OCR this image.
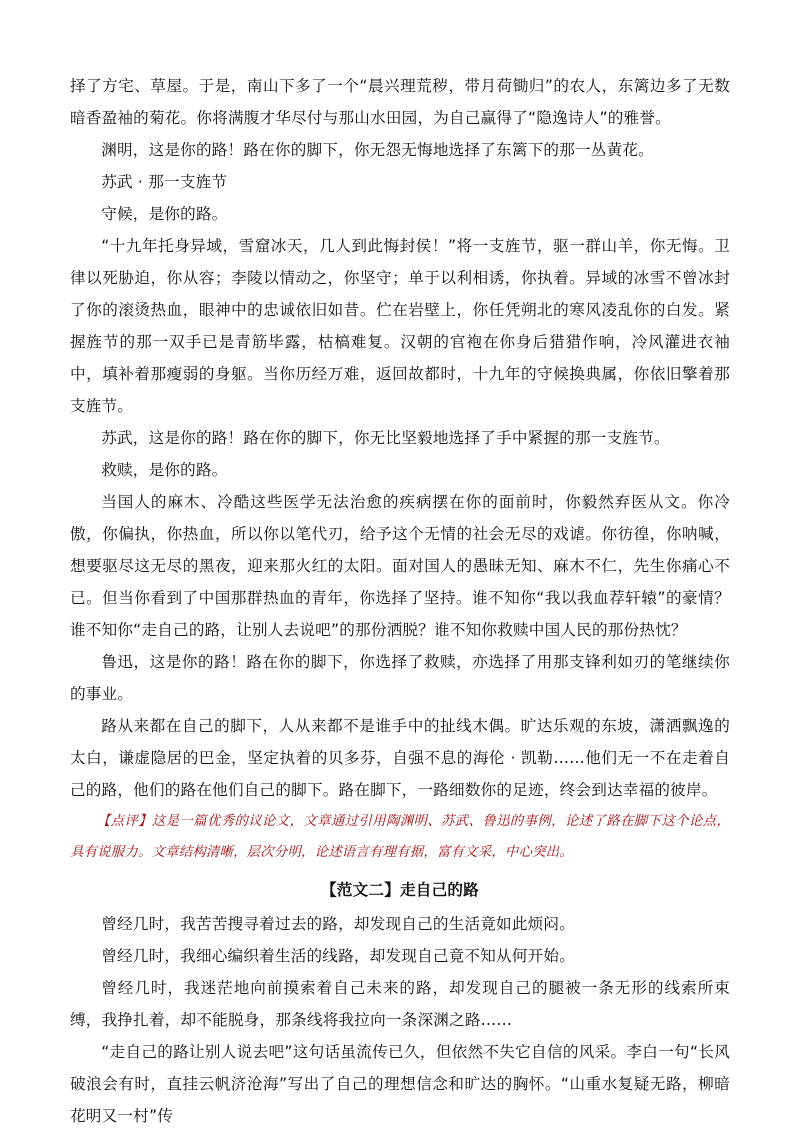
择了方宅、草屋。于是，南山下多了一个“晨兴理荒秽，带月荷锄归”的农人，东篱边多了无数暗香盈袖的菊花。你将满腹才华尽付与那山水田园，为自己赢得了“隐逸诗人”的雅誉。

渊明，这是你的路！路在你的脚下，你无怨无悔地选择了东篱下的那一丛黄花。

苏武 · 那一支旌节

守候，是你的路。

“十九年托身异域，雪窟冰天，几人到此悔封侯！”将一支旌节，驱一群山羊，你无悔。卫律以死胁迫，你从容；李陵以情动之，你坚守；单于以利相诱，你执着。异域的冰雪不曾冰封了你的滚烫热血，眼神中的忠诚依旧如昔。伫在岩壁上，你任凭朔北的寒风凌乱你的白发。紧握旌节的那一双手已是青筋毕露，枯槁难复。汉朝的官袍在你身后猎猎作响，冷风灌进衣袖中，填补着那瘦弱的身躯。当你历经万难，返回故都时，十九年的守候换典属，你依旧擎着那支旌节。

苏武，这是你的路！路在你的脚下，你无比坚毅地选择了手中紧握的那一支旌节。

救赎，是你的路。

当国人的麻木、冷酷这些医学无法治愈的疾病摆在你的面前时，你毅然弃医从文。你冷傲，你偏执，你热血，所以你以笔代刃，给予这个无情的社会无尽的戏谑。你彷徨，你呐喊，想要驱尽这无尽的黑夜，迎来那火红的太阳。面对国人的愚昧无知、麻木不仁，先生你痛心不已。但当你看到了中国那群热血的青年，你选择了坚持。谁不知你“我以我血荐轩辕”的豪情？谁不知你“走自己的路，让别人去说吧”的那份洒脱？谁不知你救赎中国人民的那份热忱？

鲁迅，这是你的路！路在你的脚下，你选择了救赎，亦选择了用那支锋利如刃的笔继续你的事业。

路从来都在自己的脚下，人从来都不是谁手中的扯线木偶。旷达乐观的东坡，潇洒飘逸的太白，谦虚隐居的巴金，坚定执着的贝多芬，自强不息的海伦 · 凯勒……他们无一不在走着自己的路，他们的路在他们自己的脚下。路在脚下，一路细数你的足迹，终会到达幸福的彼岸。

【点评】这是一篇优秀的议论文，文章通过引用陶渊明、苏武、鲁迅的事例，论述了路在脚下这个论点，具有说服力。文章结构清晰，层次分明，论述语言有理有据，富有文采，中心突出。

【范文二】走自己的路

曾经几时，我苦苦搜寻着过去的路，却发现自己的生活竟如此烦闷。

曾经几时，我细心编织着生活的线路，却发现自己竟不知从何开始。

曾经几时，我迷茫地向前摸索着自己未来的路，却发现自己的腿被一条无形的线索所束缚，我挣扎着，却不能脱身，那条线将我拉向一条深渊之路……

“走自己的路让别人说去吧”这句话虽流传已久，但依然不失它自信的风采。李白一句“长风破浪会有时，直挂云帆济沧海”写出了自己的理想信念和旷达的胸怀。“山重水复疑无路，柳暗花明又一村”传
